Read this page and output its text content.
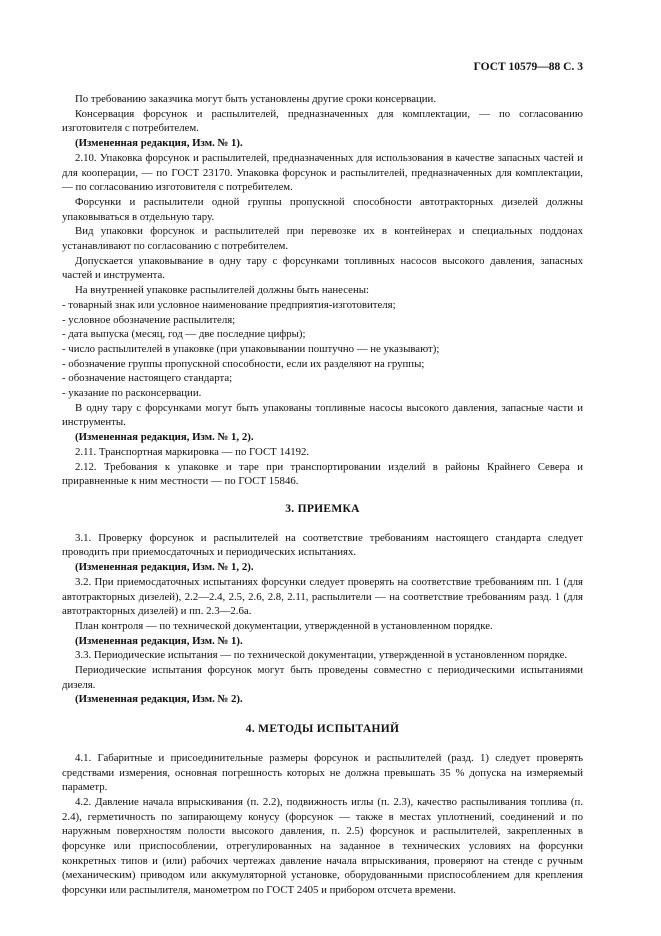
ГОСТ 10579—88 С. 3

По требованию заказчика могут быть установлены другие сроки консервации.

Консервация форсунок и распылителей, предназначенных для комплектации, — по согласованию изготовителя с потребителем.

(Измененная редакция, Изм. № 1).

2.10. Упаковка форсунок и распылителей, предназначенных для использования в качестве запасных частей и для кооперации, — по ГОСТ 23170. Упаковка форсунок и распылителей, предназначенных для комплектации, — по согласованию изготовителя с потребителем.

Форсунки и распылители одной группы пропускной способности автотракторных дизелей должны упаковываться в отдельную тару.

Вид упаковки форсунок и распылителей при перевозке их в контейнерах и специальных поддонах устанавливают по согласованию с потребителем.

Допускается упаковывание в одну тару с форсунками топливных насосов высокого давления, запасных частей и инструмента.

На внутренней упаковке распылителей должны быть нанесены:

- товарный знак или условное наименование предприятия-изготовителя;

- условное обозначение распылителя;

- дата выпуска (месяц, год — две последние цифры);

- число распылителей в упаковке (при упаковывании поштучно — не указывают);

- обозначение группы пропускной способности, если их разделяют на группы;

- обозначение настоящего стандарта;

- указание по расконсервации.

В одну тару с форсунками могут быть упакованы топливные насосы высокого давления, запасные части и инструменты.

(Измененная редакция, Изм. № 1, 2).

2.11. Транспортная маркировка — по ГОСТ 14192.

2.12. Требования к упаковке и таре при транспортировании изделий в районы Крайнего Севера и приравненные к ним местности — по ГОСТ 15846.

3. ПРИЕМКА

3.1. Проверку форсунок и распылителей на соответствие требованиям настоящего стандарта следует проводить при приемосдаточных и периодических испытаниях.

(Измененная редакция, Изм. № 1, 2).

3.2. При приемосдаточных испытаниях форсунки следует проверять на соответствие требованиям пп. 1 (для автотракторных дизелей), 2.2—2.4, 2.5, 2.6, 2.8, 2.11, распылители — на соответствие требованиям разд. 1 (для автотракторных дизелей) и пп. 2.3—2.6а.

План контроля — по технической документации, утвержденной в установленном порядке.

(Измененная редакция, Изм. № 1).

3.3. Периодические испытания — по технической документации, утвержденной в установленном порядке.

Периодические испытания форсунок могут быть проведены совместно с периодическими испытаниями дизеля.

(Измененная редакция, Изм. № 2).

4. МЕТОДЫ ИСПЫТАНИЙ

4.1. Габаритные и присоединительные размеры форсунок и распылителей (разд. 1) следует проверять средствами измерения, основная погрешность которых не должна превышать 35 % допуска на измеряемый параметр.

4.2. Давление начала впрыскивания (п. 2.2), подвижность иглы (п. 2.3), качество распыливания топлива (п. 2.4), герметичность по запирающему конусу (форсунок — также в местах уплотнений, соединений и по наружным поверхностям полости высокого давления, п. 2.5) форсунок и распылителей, закрепленных в форсунке или приспособлении, отрегулированных на заданное в технических условиях на форсунки конкретных типов и (или) рабочих чертежах давление начала впрыскивания, проверяют на стенде с ручным (механическим) приводом или аккумуляторной установке, оборудованными приспособлением для крепления форсунки или распылителя, манометром по ГОСТ 2405 и прибором отсчета времени.
